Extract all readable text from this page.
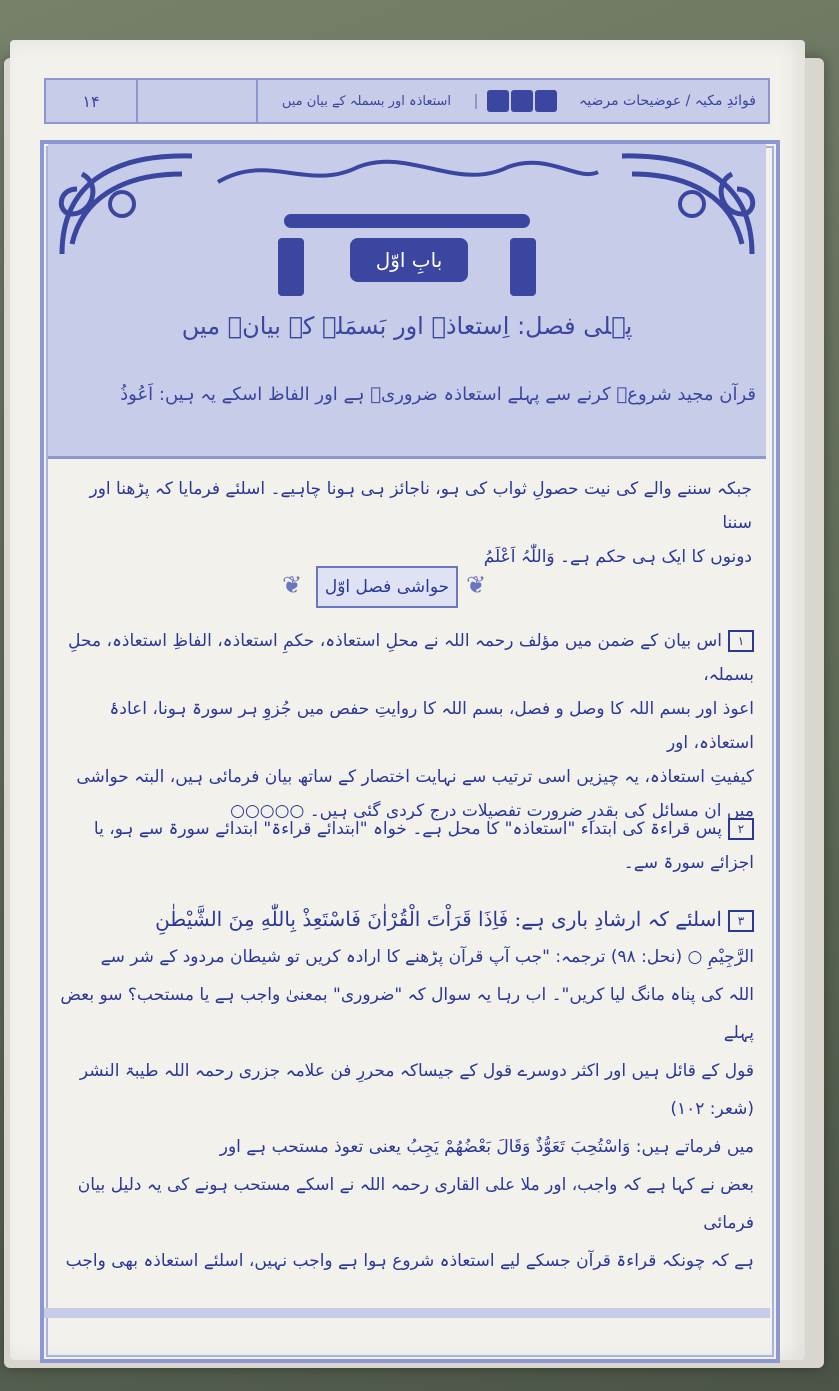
فوائدِ مکیہ / عوضیحات مرضیہ
استعاذہ اور بسملہ کے بیان میں
۱۴
بابِ اوّل
پہلی فصل: اِستعاذہ اور بَسمَلہ کے بیانؒ میں
قرآن مجید شروعؒ کرنے سے پہلے استعاذہ ضروریؒ ہے اور الفاظ اسکے یہ ہیں: اَعُوذُ
جبکہ سننے والے کی نیت حصولِ ثواب کی ہو، ناجائز ہی ہونا چاہیے۔ اسلئے فرمایا کہ پڑھنا اور سننا
دونوں کا ایک ہی حکم ہے۔ وَاللّٰہُ اَعْلَمُ
❦	حواشی فصل اوّل ❦
۱اس بیان کے ضمن میں مؤلف رحمہ اللہ نے محلِ استعاذہ، حکمِ استعاذہ، الفاظِ استعاذہ، محلِ بسملہ،
اعوذ اور بسم اللہ کا وصل و فصل، بسم اللہ کا روایتِ حفص میں جُزوِ ہر سورۃ ہونا، اعادۂ استعاذہ، اور
کیفیتِ استعاذہ، یہ چیزیں اسی ترتیب سے نہایت اختصار کے ساتھ بیان فرمائی ہیں، البتہ حواشی
میں ان مسائل کی بقدرِ ضرورت تفصیلات درج کردی گئی ہیں۔ ○○○○○
۲پس قراءۃ کی ابتداء "استعاذہ" کا محل ہے۔ خواہ "ابتدائے قراءۃ" ابتدائے سورۃ سے ہو، یا
اجزائے سورۃ سے۔
۳اسلئے کہ ارشادِ باری ہے: فَاِذَا قَرَاْتَ الْقُرْاٰنَ فَاسْتَعِذْ بِاللّٰهِ مِنَ الشَّيْطٰنِ
الرَّجِيْمِ ○ (نحل: ۹۸) ترجمہ: "جب آپ قرآن پڑھنے کا ارادہ کریں تو شیطان مردود کے شر سے
اللہ کی پناہ مانگ لیا کریں"۔ اب رہا یہ سوال کہ "ضروری" بمعنیٰ واجب ہے یا مستحب؟ سو بعض پہلے
قول کے قائل ہیں اور اکثر دوسرے قول کے جیساکہ محررِ فن علامہ جزری رحمہ اللہ طیبۃ النشر (شعر: ۱۰۲)
میں فرماتے ہیں: وَاسْتُحِبَ تَعَوُّذٌ وَقَالَ بَعْضُهُمْ يَجِبُ یعنی تعوذ مستحب ہے اور
بعض نے کہا ہے کہ واجب، اور ملا علی القاری رحمہ اللہ نے اسکے مستحب ہونے کی یہ دلیل بیان فرمائی
ہے کہ چونکہ قراءۃ قرآن جسکے لیے استعاذہ شروع ہوا ہے واجب نہیں، اسلئے استعاذہ بھی واجب
